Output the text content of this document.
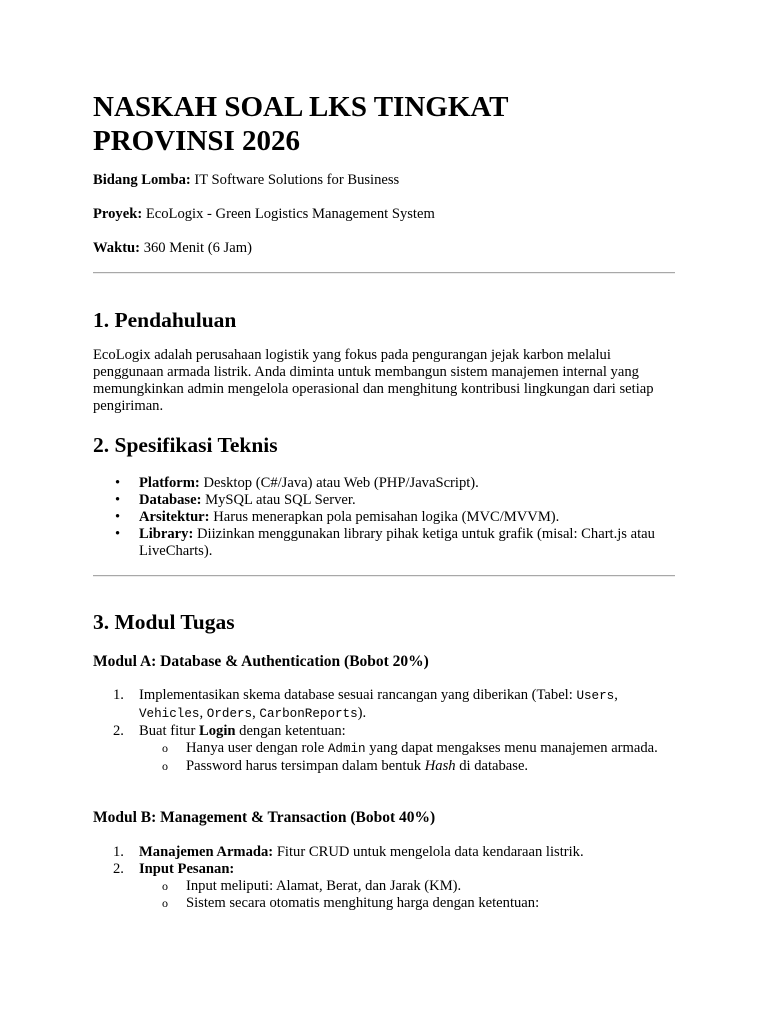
NASKAH SOAL LKS TINGKAT
PROVINSI 2026

Bidang Lomba: IT Software Solutions for Business

Proyek: EcoLogix - Green Logistics Management System

Waktu: 360 Menit (6 Jam)

1. Pendahuluan

EcoLogix adalah perusahaan logistik yang fokus pada pengurangan jejak karbon melalui penggunaan armada listrik. Anda diminta untuk membangun sistem manajemen internal yang memungkinkan admin mengelola operasional dan menghitung kontribusi lingkungan dari setiap pengiriman.

2. Spesifikasi Teknis
• Platform: Desktop (C#/Java) atau Web (PHP/JavaScript).
• Database: MySQL atau SQL Server.
• Arsitektur: Harus menerapkan pola pemisahan logika (MVC/MVVM).
• Library: Diizinkan menggunakan library pihak ketiga untuk grafik (misal: Chart.js atau LiveCharts).
3. Modul Tugas
Modul A: Database & Authentication (Bobot 20%)
1. Implementasikan skema database sesuai rancangan yang diberikan (Tabel: Users, Vehicles, Orders, CarbonReports).
2. Buat fitur Login dengan ketentuan:
o Hanya user dengan role Admin yang dapat mengakses menu manajemen armada.
o Password harus tersimpan dalam bentuk Hash di database.
Modul B: Management & Transaction (Bobot 40%)
1. Manajemen Armada: Fitur CRUD untuk mengelola data kendaraan listrik.
2. Input Pesanan:
o Input meliputi: Alamat, Berat, dan Jarak (KM).
o Sistem secara otomatis menghitung harga dengan ketentuan:
